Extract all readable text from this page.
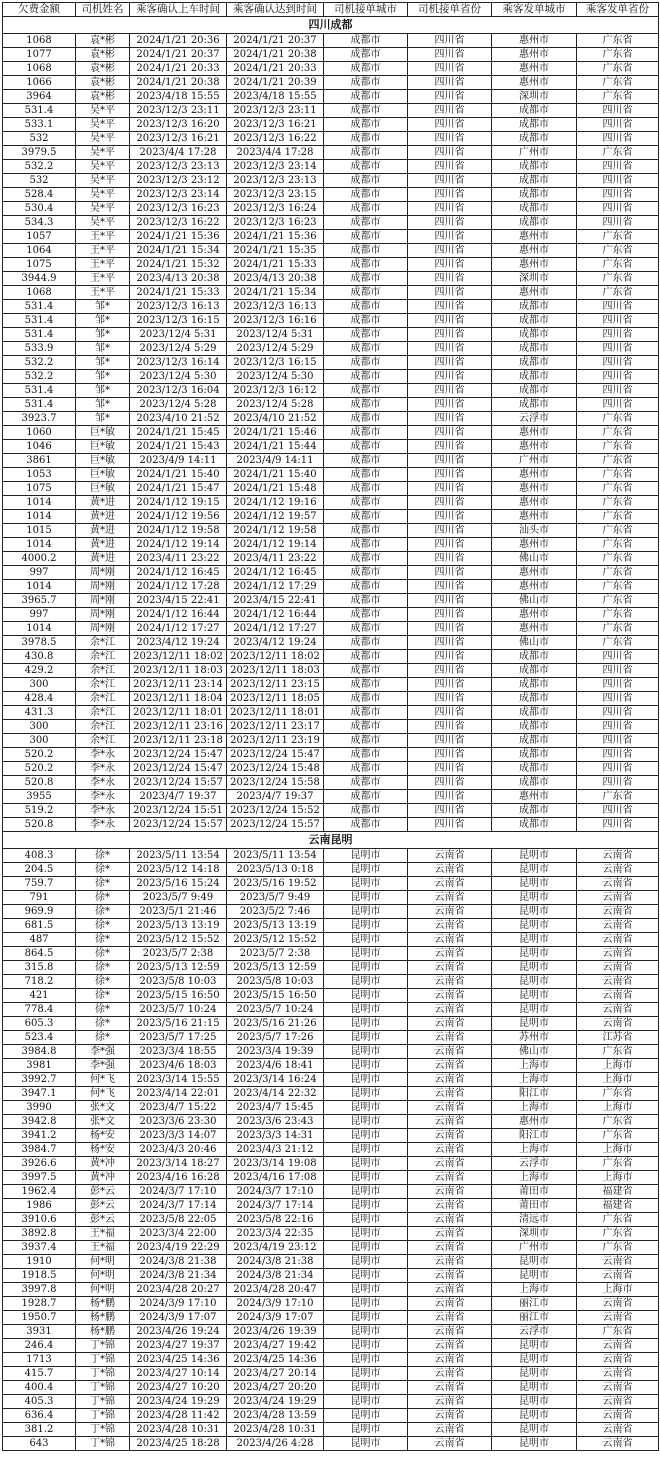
欠费金额	司机姓名	乘客确认上车时间	乘客确认达到时间	司机接单城市	司机接单省份	乘客发单城市	乘客发单省份
四川成都							
1068	袁*彬	2024/1/21 20:36	2024/1/21 20:37	成都市	四川省	惠州市	广东省
1077	袁*彬	2024/1/21 20:37	2024/1/21 20:38	成都市	四川省	惠州市	广东省
1068	袁*彬	2024/1/21 20:33	2024/1/21 20:33	成都市	四川省	惠州市	广东省
1066	袁*彬	2024/1/21 20:38	2024/1/21 20:39	成都市	四川省	惠州市	广东省
3964	袁*彬	2023/4/18 15:55	2023/4/18 15:55	成都市	四川省	深圳市	广东省
531.4	吴*平	2023/12/3 23:11	2023/12/3 23:11	成都市	四川省	成都市	四川省
533.1	吴*平	2023/12/3 16:20	2023/12/3 16:21	成都市	四川省	成都市	四川省
532	吴*平	2023/12/3 16:21	2023/12/3 16:22	成都市	四川省	成都市	四川省
3979.5	吴*平	2023/4/4 17:28	2023/4/4 17:28	成都市	四川省	广州市	广东省
532.2	吴*平	2023/12/3 23:13	2023/12/3 23:14	成都市	四川省	成都市	四川省
532	吴*平	2023/12/3 23:12	2023/12/3 23:13	成都市	四川省	成都市	四川省
528.4	吴*平	2023/12/3 23:14	2023/12/3 23:15	成都市	四川省	成都市	四川省
530.4	吴*平	2023/12/3 16:23	2023/12/3 16:24	成都市	四川省	成都市	四川省
534.3	吴*平	2023/12/3 16:22	2023/12/3 16:23	成都市	四川省	成都市	四川省
1057	王*平	2024/1/21 15:36	2024/1/21 15:36	成都市	四川省	惠州市	广东省
1064	王*平	2024/1/21 15:34	2024/1/21 15:35	成都市	四川省	惠州市	广东省
1075	王*平	2024/1/21 15:32	2024/1/21 15:33	成都市	四川省	惠州市	广东省
3944.9	王*平	2023/4/13 20:38	2023/4/13 20:38	成都市	四川省	深圳市	广东省
1068	王*平	2024/1/21 15:33	2024/1/21 15:34	成都市	四川省	惠州市	广东省
531.4	邹*	2023/12/3 16:13	2023/12/3 16:13	成都市	四川省	成都市	四川省
531.4	邹*	2023/12/3 16:15	2023/12/3 16:16	成都市	四川省	成都市	四川省
531.4	邹*	2023/12/4 5:31	2023/12/4 5:31	成都市	四川省	成都市	四川省
533.9	邹*	2023/12/4 5:29	2023/12/4 5:29	成都市	四川省	成都市	四川省
532.2	邹*	2023/12/3 16:14	2023/12/3 16:15	成都市	四川省	成都市	四川省
532.2	邹*	2023/12/4 5:30	2023/12/4 5:30	成都市	四川省	成都市	四川省
531.4	邹*	2023/12/3 16:04	2023/12/3 16:12	成都市	四川省	成都市	四川省
531.4	邹*	2023/12/4 5:28	2023/12/4 5:28	成都市	四川省	成都市	四川省
3923.7	邹*	2023/4/10 21:52	2023/4/10 21:52	成都市	四川省	云浮市	广东省
1060	巨*敏	2024/1/21 15:45	2024/1/21 15:46	成都市	四川省	惠州市	广东省
1046	巨*敏	2024/1/21 15:43	2024/1/21 15:44	成都市	四川省	惠州市	广东省
3861	巨*敏	2023/4/9 14:11	2023/4/9 14:11	成都市	四川省	广州市	广东省
1053	巨*敏	2024/1/21 15:40	2024/1/21 15:40	成都市	四川省	惠州市	广东省
1075	巨*敏	2024/1/21 15:47	2024/1/21 15:48	成都市	四川省	惠州市	广东省
1014	黄*进	2024/1/12 19:15	2024/1/12 19:16	成都市	四川省	惠州市	广东省
1014	黄*进	2024/1/12 19:56	2024/1/12 19:57	成都市	四川省	惠州市	广东省
1015	黄*进	2024/1/12 19:58	2024/1/12 19:58	成都市	四川省	汕头市	广东省
1014	黄*进	2024/1/12 19:14	2024/1/12 19:14	成都市	四川省	惠州市	广东省
4000.2	黄*进	2023/4/11 23:22	2023/4/11 23:22	成都市	四川省	佛山市	广东省
997	周*刚	2024/1/12 16:45	2024/1/12 16:45	成都市	四川省	惠州市	广东省
1014	周*刚	2024/1/12 17:28	2024/1/12 17:29	成都市	四川省	惠州市	广东省
3965.7	周*刚	2023/4/15 22:41	2023/4/15 22:41	成都市	四川省	佛山市	广东省
997	周*刚	2024/1/12 16:44	2024/1/12 16:44	成都市	四川省	惠州市	广东省
1014	周*刚	2024/1/12 17:27	2024/1/12 17:27	成都市	四川省	惠州市	广东省
3978.5	余*江	2023/4/12 19:24	2023/4/12 19:24	成都市	四川省	佛山市	广东省
430.8	余*江	2023/12/11 18:02	2023/12/11 18:02	成都市	四川省	成都市	四川省
429.2	余*江	2023/12/11 18:03	2023/12/11 18:03	成都市	四川省	成都市	四川省
300	余*江	2023/12/11 23:14	2023/12/11 23:15	成都市	四川省	成都市	四川省
428.4	余*江	2023/12/11 18:04	2023/12/11 18:05	成都市	四川省	成都市	四川省
431.3	余*江	2023/12/11 18:01	2023/12/11 18:01	成都市	四川省	成都市	四川省
300	余*江	2023/12/11 23:16	2023/12/11 23:17	成都市	四川省	成都市	四川省
300	余*江	2023/12/11 23:18	2023/12/11 23:19	成都市	四川省	成都市	四川省
520.2	李*永	2023/12/24 15:47	2023/12/24 15:47	成都市	四川省	成都市	四川省
520.2	李*永	2023/12/24 15:47	2023/12/24 15:48	成都市	四川省	成都市	四川省
520.8	李*永	2023/12/24 15:57	2023/12/24 15:58	成都市	四川省	成都市	四川省
3955	李*永	2023/4/7 19:37	2023/4/7 19:37	成都市	四川省	惠州市	广东省
519.2	李*永	2023/12/24 15:51	2023/12/24 15:52	成都市	四川省	成都市	四川省
520.8	李*永	2023/12/24 15:57	2023/12/24 15:57	成都市	四川省	成都市	四川省
云南昆明							
408.3	徐*	2023/5/11 13:54	2023/5/11 13:54	昆明市	云南省	昆明市	云南省
204.5	徐*	2023/5/12 14:18	2023/5/13 0:18	昆明市	云南省	昆明市	云南省
759.7	徐*	2023/5/16 15:24	2023/5/16 19:52	昆明市	云南省	昆明市	云南省
791	徐*	2023/5/7 9:49	2023/5/7 9:49	昆明市	云南省	昆明市	云南省
969.9	徐*	2023/5/1 21:46	2023/5/2 7:46	昆明市	云南省	昆明市	云南省
681.5	徐*	2023/5/13 13:19	2023/5/13 13:19	昆明市	云南省	昆明市	云南省
487	徐*	2023/5/12 15:52	2023/5/12 15:52	昆明市	云南省	昆明市	云南省
864.5	徐*	2023/5/7 2:38	2023/5/7 2:38	昆明市	云南省	昆明市	云南省
315.8	徐*	2023/5/13 12:59	2023/5/13 12:59	昆明市	云南省	昆明市	云南省
718.2	徐*	2023/5/8 10:03	2023/5/8 10:03	昆明市	云南省	昆明市	云南省
421	徐*	2023/5/15 16:50	2023/5/15 16:50	昆明市	云南省	昆明市	云南省
778.4	徐*	2023/5/7 10:24	2023/5/7 10:24	昆明市	云南省	昆明市	云南省
605.3	徐*	2023/5/16 21:15	2023/5/16 21:26	昆明市	云南省	昆明市	云南省
523.4	徐*	2023/5/7 17:25	2023/5/7 17:26	昆明市	云南省	苏州市	江苏省
3984.8	李*强	2023/3/4 18:55	2023/3/4 19:39	昆明市	云南省	佛山市	广东省
3981	李*强	2023/4/6 18:03	2023/4/6 18:41	昆明市	云南省	上海市	上海市
3992.7	何*飞	2023/3/14 15:55	2023/3/14 16:24	昆明市	云南省	上海市	上海市
3947.1	何*飞	2023/4/14 22:01	2023/4/14 22:32	昆明市	云南省	阳江市	广东省
3990	张*文	2023/4/7 15:22	2023/4/7 15:45	昆明市	云南省	上海市	上海市
3942.8	张*文	2023/3/6 23:30	2023/3/6 23:43	昆明市	云南省	惠州市	广东省
3941.2	杨*安	2023/3/3 14:07	2023/3/3 14:31	昆明市	云南省	阳江市	广东省
3984.7	杨*安	2023/4/3 20:46	2023/4/3 21:12	昆明市	云南省	上海市	上海市
3926.6	黄*冲	2023/3/14 18:27	2023/3/14 19:08	昆明市	云南省	云浮市	广东省
3997.5	黄*冲	2023/4/16 16:28	2023/4/16 17:08	昆明市	云南省	上海市	上海市
1962.4	彭*云	2024/3/7 17:10	2024/3/7 17:10	昆明市	云南省	莆田市	福建省
1986	彭*云	2024/3/7 17:14	2024/3/7 17:14	昆明市	云南省	莆田市	福建省
3910.6	彭*云	2023/5/8 22:05	2023/5/8 22:16	昆明市	云南省	清远市	广东省
3892.8	王*福	2023/3/4 22:00	2023/3/4 22:35	昆明市	云南省	深圳市	广东省
3937.4	王*福	2023/4/19 22:29	2023/4/19 23:12	昆明市	云南省	广州市	广东省
1910	何*明	2024/3/8 21:38	2024/3/8 21:38	昆明市	云南省	昆明市	云南省
1918.5	何*明	2024/3/8 21:34	2024/3/8 21:34	昆明市	云南省	昆明市	云南省
3997.8	何*明	2023/4/28 20:27	2023/4/28 20:47	昆明市	云南省	上海市	上海市
1928.7	杨*鹏	2024/3/9 17:10	2024/3/9 17:10	昆明市	云南省	丽江市	云南省
1950.7	杨*鹏	2024/3/9 17:07	2024/3/9 17:07	昆明市	云南省	丽江市	云南省
3931	杨*鹏	2023/4/26 19:24	2023/4/26 19:39	昆明市	云南省	云浮市	广东省
246.4	丁*锦	2023/4/27 19:37	2023/4/27 19:42	昆明市	云南省	昆明市	云南省
1713	丁*锦	2023/4/25 14:36	2023/4/25 14:36	昆明市	云南省	昆明市	云南省
415.7	丁*锦	2023/4/27 10:14	2023/4/27 20:14	昆明市	云南省	昆明市	云南省
400.4	丁*锦	2023/4/27 10:20	2023/4/27 20:20	昆明市	云南省	昆明市	云南省
405.3	丁*锦	2023/4/24 19:29	2023/4/24 19:29	昆明市	云南省	昆明市	云南省
636.4	丁*锦	2023/4/28 11:42	2023/4/28 13:59	昆明市	云南省	昆明市	云南省
381.2	丁*锦	2023/4/28 10:31	2023/4/28 10:31	昆明市	云南省	昆明市	云南省
643	丁*锦	2023/4/25 18:28	2023/4/26 4:28	昆明市	云南省	昆明市	云南省
